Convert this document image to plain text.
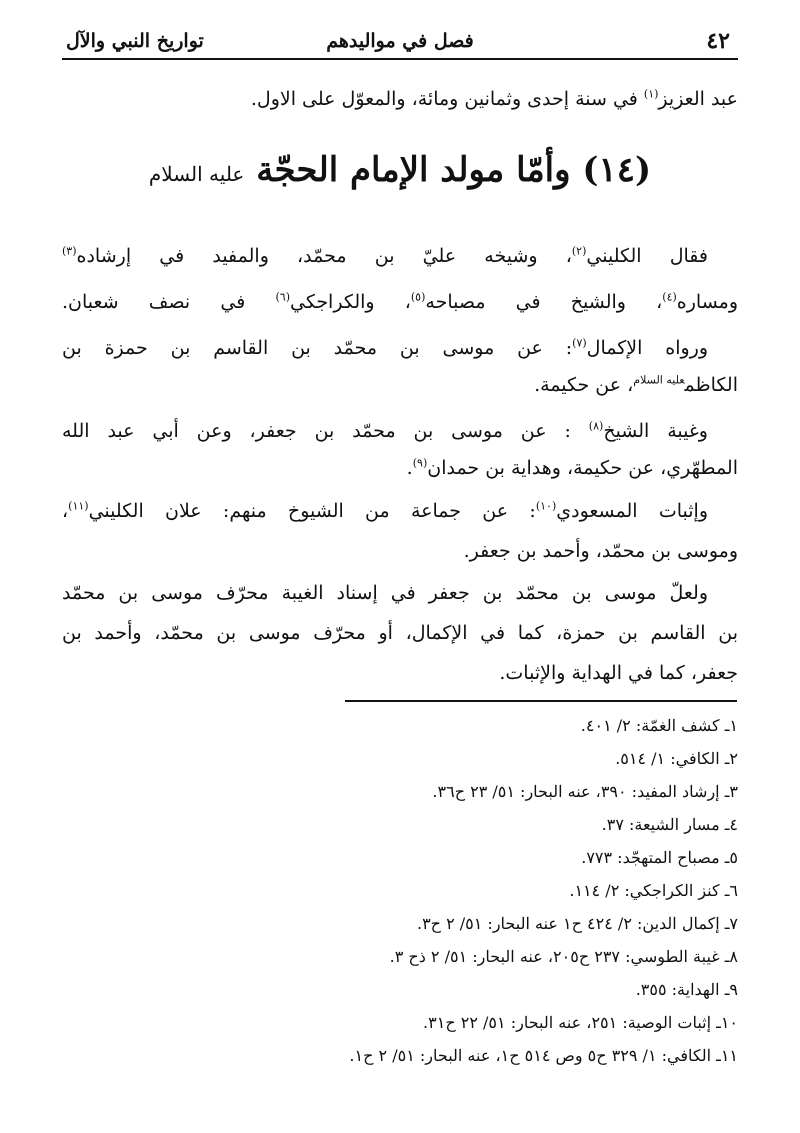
٤٢
فصل في مواليدهم
تواريخ النبي والآل
عبد العزيز$^{(١)}$ في سنة إحدى وثمانين ومائة، والمعوّل على الاول.
(١٤) وأمّا مولد الإمام الحجّة عليه السلام
فقال الكليني$^{(٢)}$، وشيخه عليّ بن محمّد، والمفيد في إرشاده$^{(٣)}$
ومساره$^{(٤)}$، والشيخ في مصباحه$^{(٥)}$، والكراجكي$^{(٦)}$ في نصف شعبان.
ورواه الإكمال$^{(٧)}$: عن موسى بن محمّد بن القاسم بن حمزة بن
الكاظم$^{عليه السلام}$، عن حكيمة.
وغيبة الشيخ$^{(٨)}$ : عن موسى بن محمّد بن جعفر، وعن أبي عبد الله
المطهّري، عن حكيمة، وهداية بن حمدان$^{(٩)}$.
وإثبات المسعودي$^{(١٠)}$: عن جماعة من الشيوخ منهم: علان الكليني$^{(١١)}$،
وموسى بن محمّد، وأحمد بن جعفر.
ولعلّ موسى بن محمّد بن جعفر في إسناد الغيبة محرّف موسى بن محمّد
بن القاسم بن حمزة، كما في الإكمال، أو محرّف موسى بن محمّد، وأحمد بن
جعفر، كما في الهداية والإثبات.
١ـ كشف الغمّة: ٢/ ٤٠١.
٢ـ الكافي: ١/ ٥١٤.
٣ـ إرشاد المفيد: ٣٩٠، عنه البحار: ٥١/ ٢٣ ح٣٦.
٤ـ مسار الشيعة: ٣٧.
٥ـ مصباح المتهجّد: ٧٧٣.
٦ـ كنز الكراجكي: ٢/ ١١٤.
٧ـ إكمال الدين: ٢/ ٤٢٤ ح١ عنه البحار: ٥١/ ٢ ح٣.
٨ـ غيبة الطوسي: ٢٣٧ ح٢٠٥، عنه البحار: ٥١/ ٢ ذح ٣.
٩ـ الهداية: ٣٥٥.
١٠ـ إثبات الوصية: ٢٥١، عنه البحار: ٥١/ ٢٢ ح٣١.
١١ـ الكافي: ١/ ٣٢٩ ح٥ وص ٥١٤ ح١، عنه البحار: ٥١/ ٢ ح١.
